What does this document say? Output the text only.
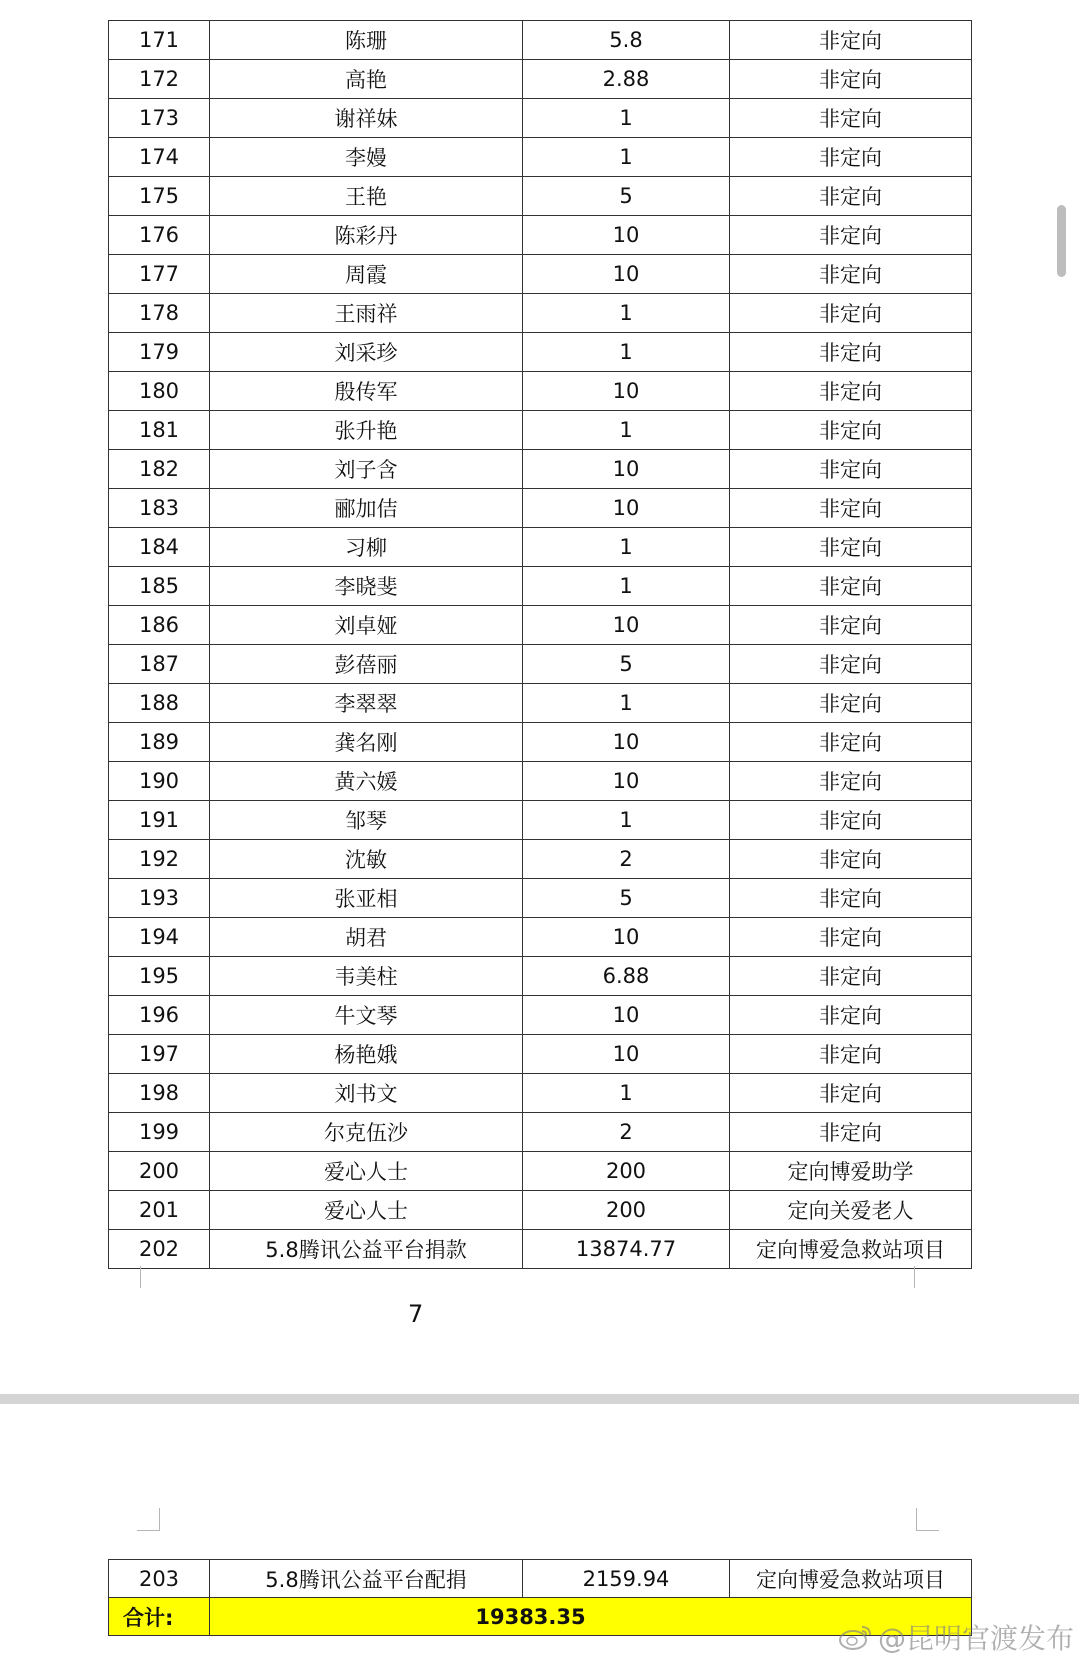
171	陈珊	5.8	非定向
172	高艳	2.88	非定向
173	谢祥妹	1	非定向
174	李嫚	1	非定向
175	王艳	5	非定向
176	陈彩丹	10	非定向
177	周霞	10	非定向
178	王雨祥	1	非定向
179	刘采珍	1	非定向
180	殷传军	10	非定向
181	张升艳	1	非定向
182	刘子含	10	非定向
183	郦加佶	10	非定向
184	习柳	1	非定向
185	李晓斐	1	非定向
186	刘卓娅	10	非定向
187	彭蓓丽	5	非定向
188	李翠翠	1	非定向
189	龚名刚	10	非定向
190	黄六媛	10	非定向
191	邹琴	1	非定向
192	沈敏	2	非定向
193	张亚相	5	非定向
194	胡君	10	非定向
195	韦美柱	6.88	非定向
196	牛文琴	10	非定向
197	杨艳娥	10	非定向
198	刘书文	1	非定向
199	尔克伍沙	2	非定向
200	爱心人士	200	定向博爱助学
201	爱心人士	200	定向关爱老人
202	5.8腾讯公益平台捐款	13874.77	定向博爱急救站项目
7
203	5.8腾讯公益平台配捐	2159.94	定向博爱急救站项目
合计:	19383.35		
@昆明官渡发布
